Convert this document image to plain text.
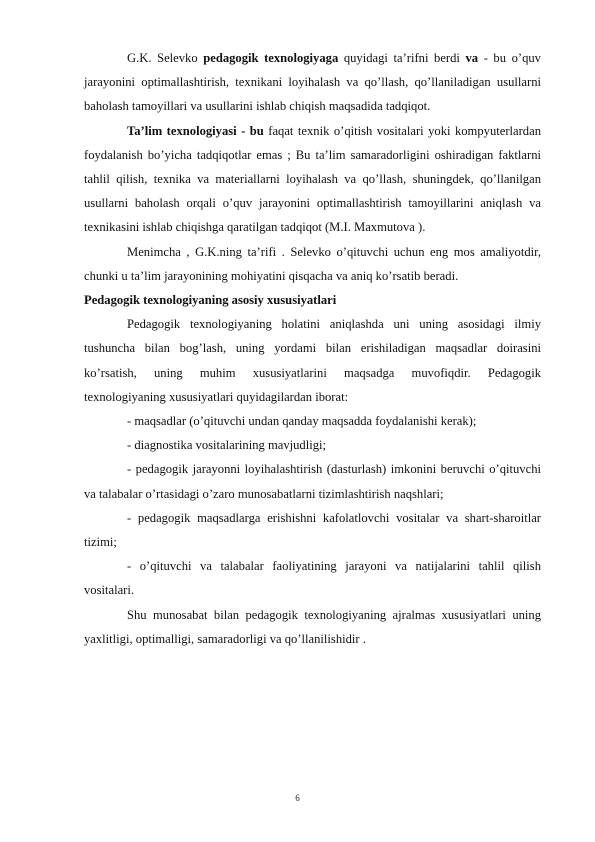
G.K. Selevko pedagogik texnologiyaga quyidagi ta’rifni berdi va - bu o’quv jarayonini optimallashtirish, texnikani loyihalash va qo’llash, qo’llaniladigan usullarni baholash tamoyillari va usullarini ishlab chiqish maqsadida tadqiqot.

Ta’lim texnologiyasi - bu faqat texnik o’qitish vositalari yoki kompyuterlardan foydalanish bo’yicha tadqiqotlar emas ; Bu ta’lim samaradorligini oshiradigan faktlarni tahlil qilish, texnika va materiallarni loyihalash va qo’llash, shuningdek, qo’llanilgan usullarni baholash orqali o’quv jarayonini optimallashtirish tamoyillarini aniqlash va texnikasini ishlab chiqishga qaratilgan tadqiqot (M.I. Maxmutova ).

Menimcha , G.K.ning ta’rifi . Selevko o’qituvchi uchun eng mos amaliyotdir, chunki u ta’lim jarayonining mohiyatini qisqacha va aniq ko’rsatib beradi.

Pedagogik texnologiyaning asosiy xususiyatlari

Pedagogik texnologiyaning holatini aniqlashda uni uning asosidagi ilmiy tushuncha bilan bog’lash, uning yordami bilan erishiladigan maqsadlar doirasini ko’rsatish, uning muhim xususiyatlarini maqsadga muvofiqdir. Pedagogik texnologiyaning xususiyatlari quyidagilardan iborat:

- maqsadlar (o’qituvchi undan qanday maqsadda foydalanishi kerak);

- diagnostika vositalarining mavjudligi;

- pedagogik jarayonni loyihalashtirish (dasturlash) imkonini beruvchi o’qituvchi va talabalar o’rtasidagi o’zaro munosabatlarni tizimlashtirish naqshlari;

- pedagogik maqsadlarga erishishni kafolatlovchi vositalar va shart-sharoitlar tizimi;

- o’qituvchi va talabalar faoliyatining jarayoni va natijalarini tahlil qilish vositalari.

Shu munosabat bilan pedagogik texnologiyaning ajralmas xususiyatlari uning yaxlitligi, optimalligi, samaradorligi va qo’llanilishidir .

6
